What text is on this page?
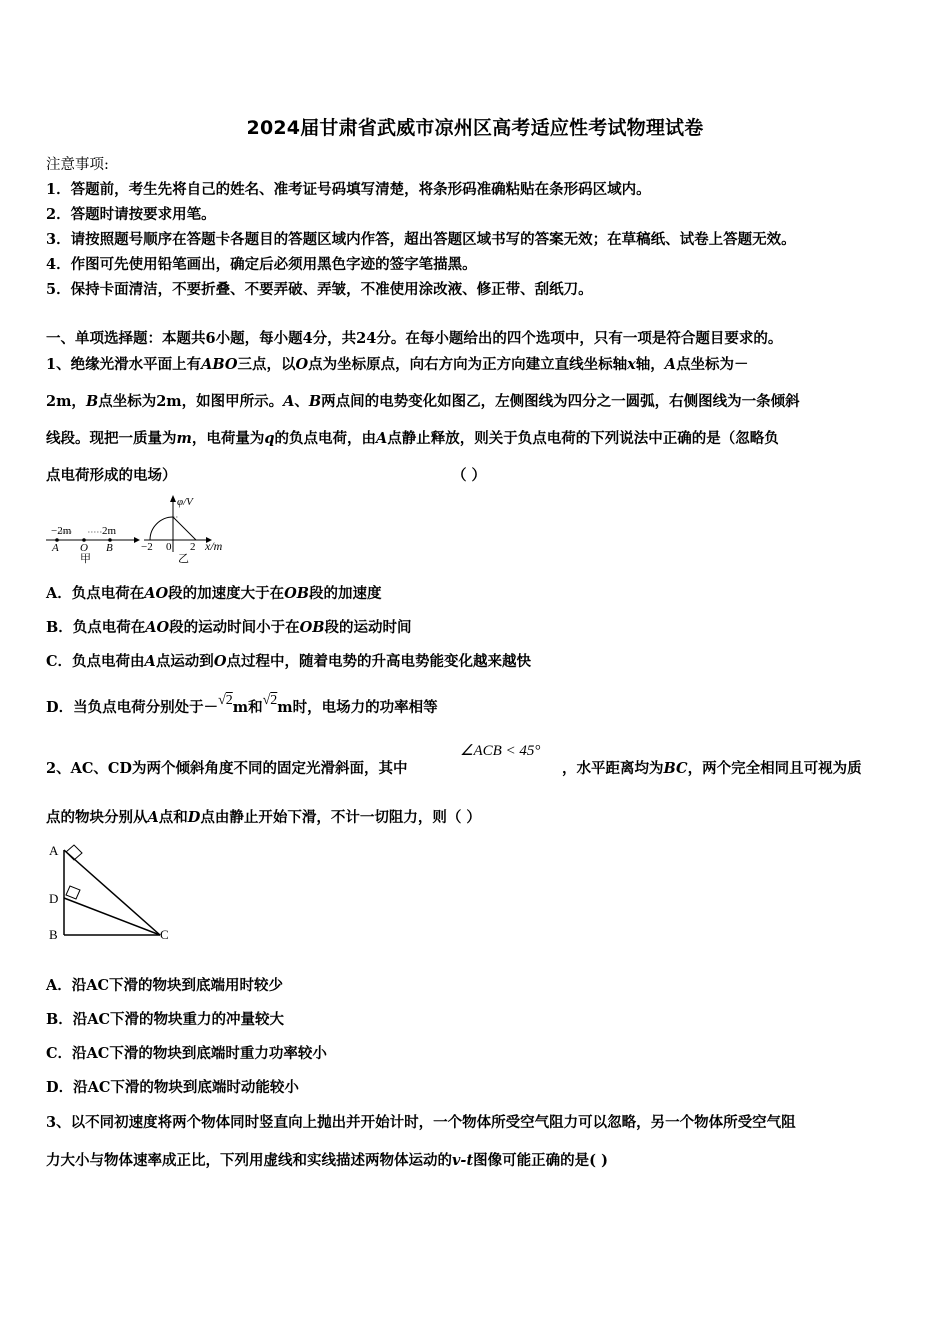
2024届甘肃省武威市凉州区高考适应性考试物理试卷
注意事项:
1．答题前，考生先将自己的姓名、准考证号码填写清楚，将条形码准确粘贴在条形码区域内。
2．答题时请按要求用笔。
3．请按照题号顺序在答题卡各题目的答题区域内作答，超出答题区域书写的答案无效；在草稿纸、试卷上答题无效。
4．作图可先使用铅笔画出，确定后必须用黑色字迹的签字笔描黑。
5．保持卡面清洁，不要折叠、不要弄破、弄皱，不准使用涂改液、修正带、刮纸刀。
一、单项选择题：本题共6小题，每小题4分，共24分。在每小题给出的四个选项中，只有一项是符合题目要求的。
1、绝缘光滑水平面上有ABO三点，以O点为坐标原点，向右方向为正方向建立直线坐标轴x轴，A点坐标为－
2m，B点坐标为2m，如图甲所示。A、B两点间的电势变化如图乙，左侧图线为四分之一圆弧，右侧图线为一条倾斜
线段。现把一质量为m，电荷量为q的负点电荷，由A点静止释放，则关于负点电荷的下列说法中正确的是（忽略负
点电荷形成的电场）	（ ）
−2m	2m
A O B
甲
φ/V
−2 0 2 x/m
乙
A．负点电荷在AO段的加速度大于在OB段的加速度
B．负点电荷在AO段的运动时间小于在OB段的运动时间
C．负点电荷由A点运动到O点过程中，随着电势的升高电势能变化越来越快
D．当负点电荷分别处于－√2m和√2m时，电场力的功率相等
2、AC、CD为两个倾斜角度不同的固定光滑斜面，其中
∠ACB < 45°
，水平距离均为BC，两个完全相同且可视为质
点的物块分别从A点和D点由静止开始下滑，不计一切阻力，则（ ）
A
D
B	C
A．沿AC下滑的物块到底端用时较少
B．沿AC下滑的物块重力的冲量较大
C．沿AC下滑的物块到底端时重力功率较小
D．沿AC下滑的物块到底端时动能较小
3、以不同初速度将两个物体同时竖直向上抛出并开始计时，一个物体所受空气阻力可以忽略，另一个物体所受空气阻
力大小与物体速率成正比，下列用虚线和实线描述两物体运动的v-t图像可能正确的是( )
